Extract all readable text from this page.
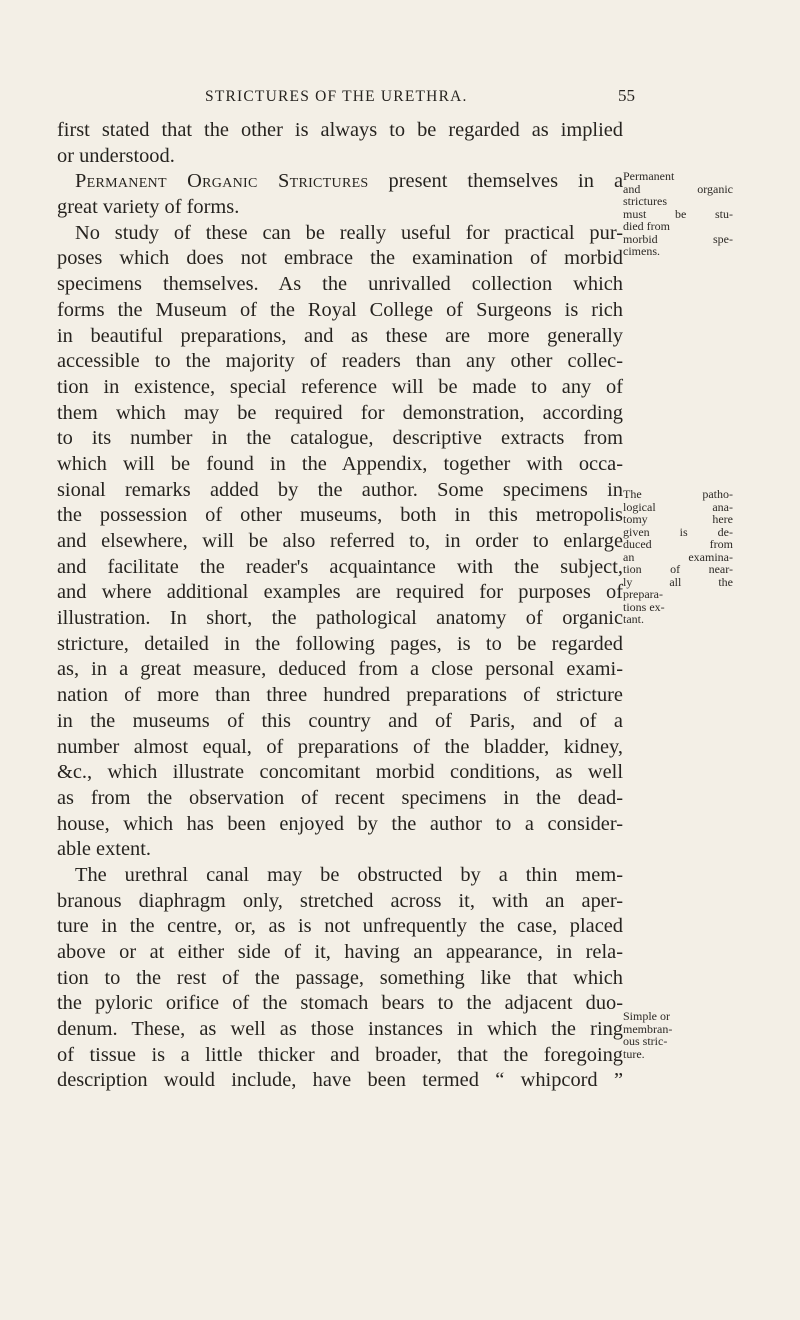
STRICTURES OF THE URETHRA.	55
first stated that the other is always to be regarded as implied
or understood.
Permanent Organic Strictures present themselves in a
great variety of forms.
No study of these can be really useful for practical pur-
poses which does not embrace the examination of morbid
specimens themselves. As the unrivalled collection which
forms the Museum of the Royal College of Surgeons is rich
in beautiful preparations, and as these are more generally
accessible to the majority of readers than any other collec-
tion in existence, special reference will be made to any of
them which may be required for demonstration, according
to its number in the catalogue, descriptive extracts from
which will be found in the Appendix, together with occa-
sional remarks added by the author. Some specimens in
the possession of other museums, both in this metropolis
and elsewhere, will be also referred to, in order to enlarge
and facilitate the reader's acquaintance with the subject,
and where additional examples are required for purposes of
illustration. In short, the pathological anatomy of organic
stricture, detailed in the following pages, is to be regarded
as, in a great measure, deduced from a close personal exami-
nation of more than three hundred preparations of stricture
in the museums of this country and of Paris, and of a
number almost equal, of preparations of the bladder, kidney,
&c., which illustrate concomitant morbid conditions, as well
as from the observation of recent specimens in the dead-
house, which has been enjoyed by the author to a consider-
able extent.
The urethral canal may be obstructed by a thin mem-
branous diaphragm only, stretched across it, with an aper-
ture in the centre, or, as is not unfrequently the case, placed
above or at either side of it, having an appearance, in rela-
tion to the rest of the passage, something like that which
the pyloric orifice of the stomach bears to the adjacent duo-
denum. These, as well as those instances in which the ring
of tissue is a little thicker and broader, that the foregoing
description would include, have been termed “ whipcord ”
Permanent
and organic
strictures
must be stu-
died from
morbid spe-
cimens.
The patho-
logical ana-
tomy here
given is de-
duced from
an examina-
tion of near-
ly all the
prepara-
tions ex-
tant.
Simple or
membran-
ous stric-
ture.
